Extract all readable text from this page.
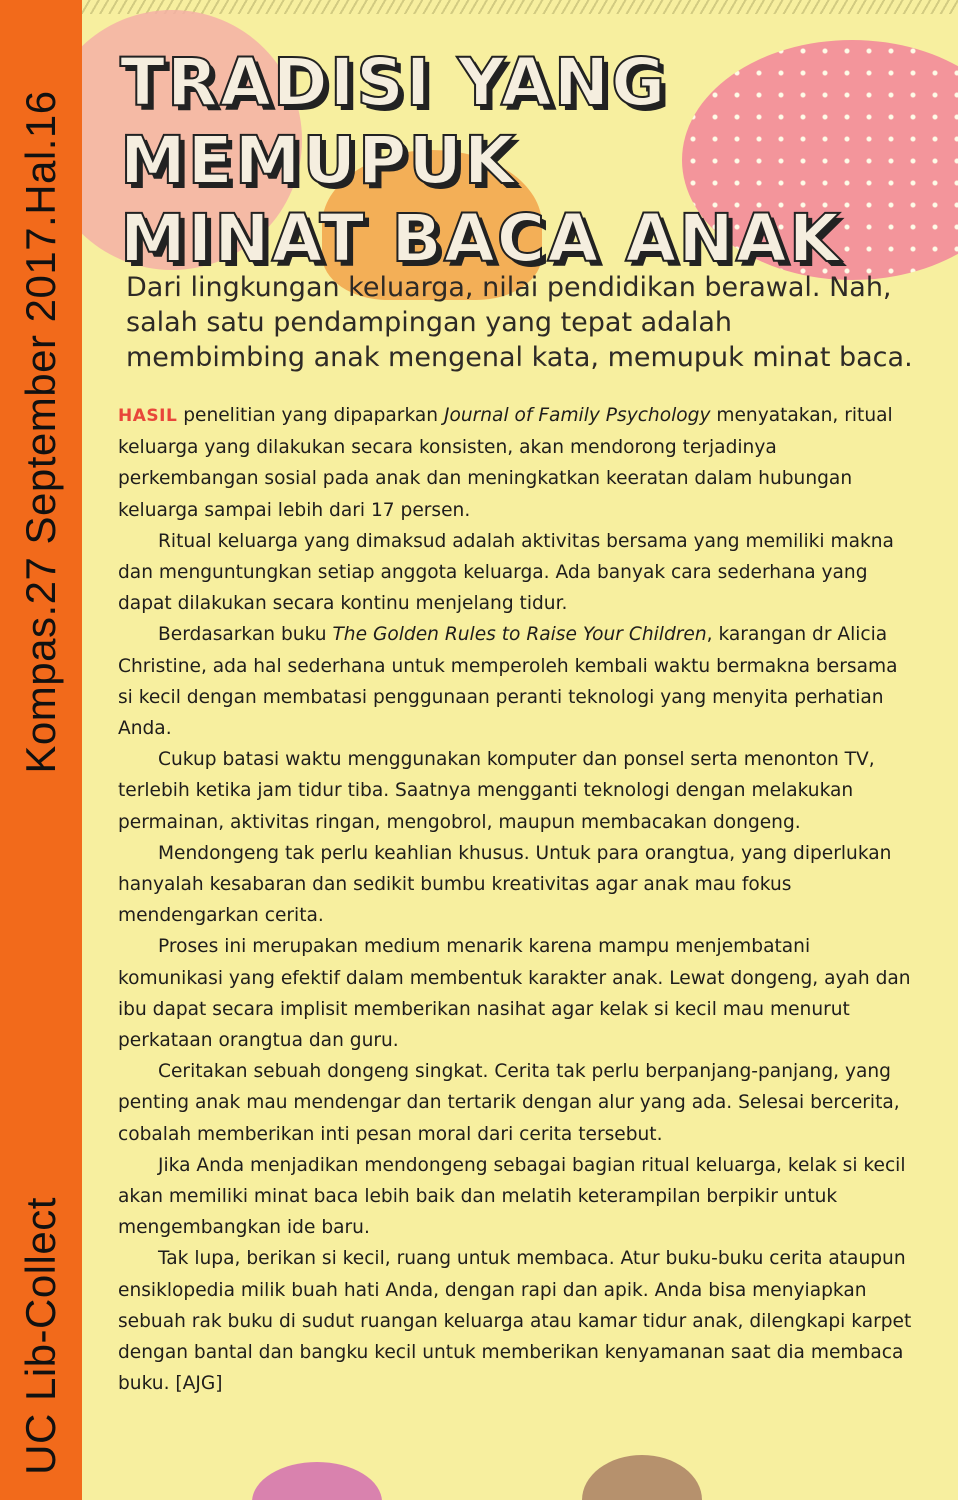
Kompas.27 September 2017.Hal.16
UC Lib-Collect
TRADISI YANG MEMUPUK
MINAT BACA ANAK

Dari lingkungan keluarga, nilai pendidikan berawal. Nah, salah satu pendampingan yang tepat adalah membimbing anak mengenal kata, memupuk minat baca.

HASIL penelitian yang dipaparkan Journal of Family Psychology menyatakan, ritual keluarga yang dilakukan secara konsisten, akan mendorong terjadinya perkembangan sosial pada anak dan meningkatkan keeratan dalam hubungan keluarga sampai lebih dari 17 persen.

Ritual keluarga yang dimaksud adalah aktivitas bersama yang memiliki makna dan menguntungkan setiap anggota keluarga. Ada banyak cara sederhana yang dapat dilakukan secara kontinu menjelang tidur.

Berdasarkan buku The Golden Rules to Raise Your Children, karangan dr Alicia Christine, ada hal sederhana untuk memperoleh kembali waktu bermakna bersama si kecil dengan membatasi penggunaan peranti teknologi yang menyita perhatian Anda.

Cukup batasi waktu menggunakan komputer dan ponsel serta menonton TV, terlebih ketika jam tidur tiba. Saatnya mengganti teknologi dengan melakukan permainan, aktivitas ringan, mengobrol, maupun membacakan dongeng.

Mendongeng tak perlu keahlian khusus. Untuk para orangtua, yang diperlukan hanyalah kesabaran dan sedikit bumbu kreativitas agar anak mau fokus mendengarkan cerita.

Proses ini merupakan medium menarik karena mampu menjembatani komunikasi yang efektif dalam membentuk karakter anak. Lewat dongeng, ayah dan ibu dapat secara implisit memberikan nasihat agar kelak si kecil mau menurut perkataan orangtua dan guru.

Ceritakan sebuah dongeng singkat. Cerita tak perlu berpanjang-panjang, yang penting anak mau mendengar dan tertarik dengan alur yang ada. Selesai bercerita, cobalah memberikan inti pesan moral dari cerita tersebut.

Jika Anda menjadikan mendongeng sebagai bagian ritual keluarga, kelak si kecil akan memiliki minat baca lebih baik dan melatih keterampilan berpikir untuk mengembangkan ide baru.

Tak lupa, berikan si kecil, ruang untuk membaca. Atur buku-buku cerita ataupun ensiklopedia milik buah hati Anda, dengan rapi dan apik. Anda bisa menyiapkan sebuah rak buku di sudut ruangan keluarga atau kamar tidur anak, dilengkapi karpet dengan bantal dan bangku kecil untuk memberikan kenyamanan saat dia membaca buku. [AJG]
